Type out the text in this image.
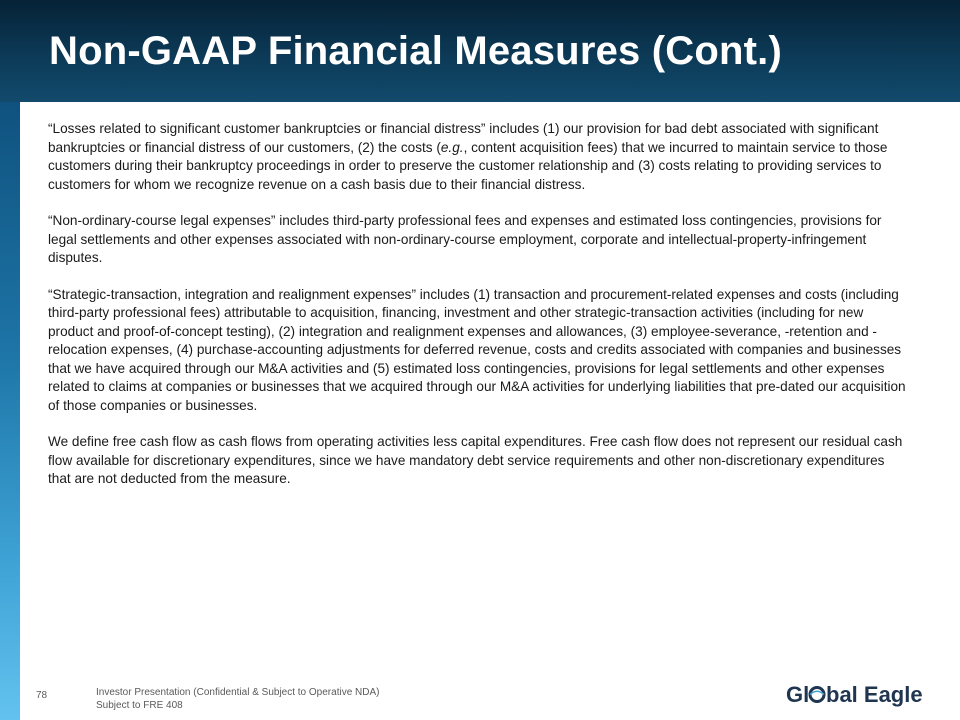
Non-GAAP Financial Measures (Cont.)

“Losses related to significant customer bankruptcies or financial distress” includes (1) our provision for bad debt associated with significant bankruptcies or financial distress of our customers, (2) the costs (e.g., content acquisition fees) that we incurred to maintain service to those customers during their bankruptcy proceedings in order to preserve the customer relationship and (3) costs relating to providing services to customers for whom we recognize revenue on a cash basis due to their financial distress.

“Non-ordinary-course legal expenses” includes third-party professional fees and expenses and estimated loss contingencies, provisions for legal settlements and other expenses associated with non-ordinary-course employment, corporate and intellectual-property-infringement disputes.

“Strategic-transaction, integration and realignment expenses” includes (1) transaction and procurement-related expenses and costs (including third-party professional fees) attributable to acquisition, financing, investment and other strategic-transaction activities (including for new product and proof-of-concept testing), (2) integration and realignment expenses and allowances, (3) employee-severance, -retention and -relocation expenses, (4) purchase-accounting adjustments for deferred revenue, costs and credits associated with companies and businesses that we have acquired through our M&A activities and (5) estimated loss contingencies, provisions for legal settlements and other expenses related to claims at companies or businesses that we acquired through our M&A activities for underlying liabilities that pre-dated our acquisition of those companies or businesses.

We define free cash flow as cash flows from operating activities less capital expenditures. Free cash flow does not represent our residual cash flow available for discretionary expenditures, since we have mandatory debt service requirements and other non-discretionary expenditures that are not deducted from the measure.

78	Investor Presentation (Confidential & Subject to Operative NDA)
Subject to FRE 408	Gl bal Eagle
